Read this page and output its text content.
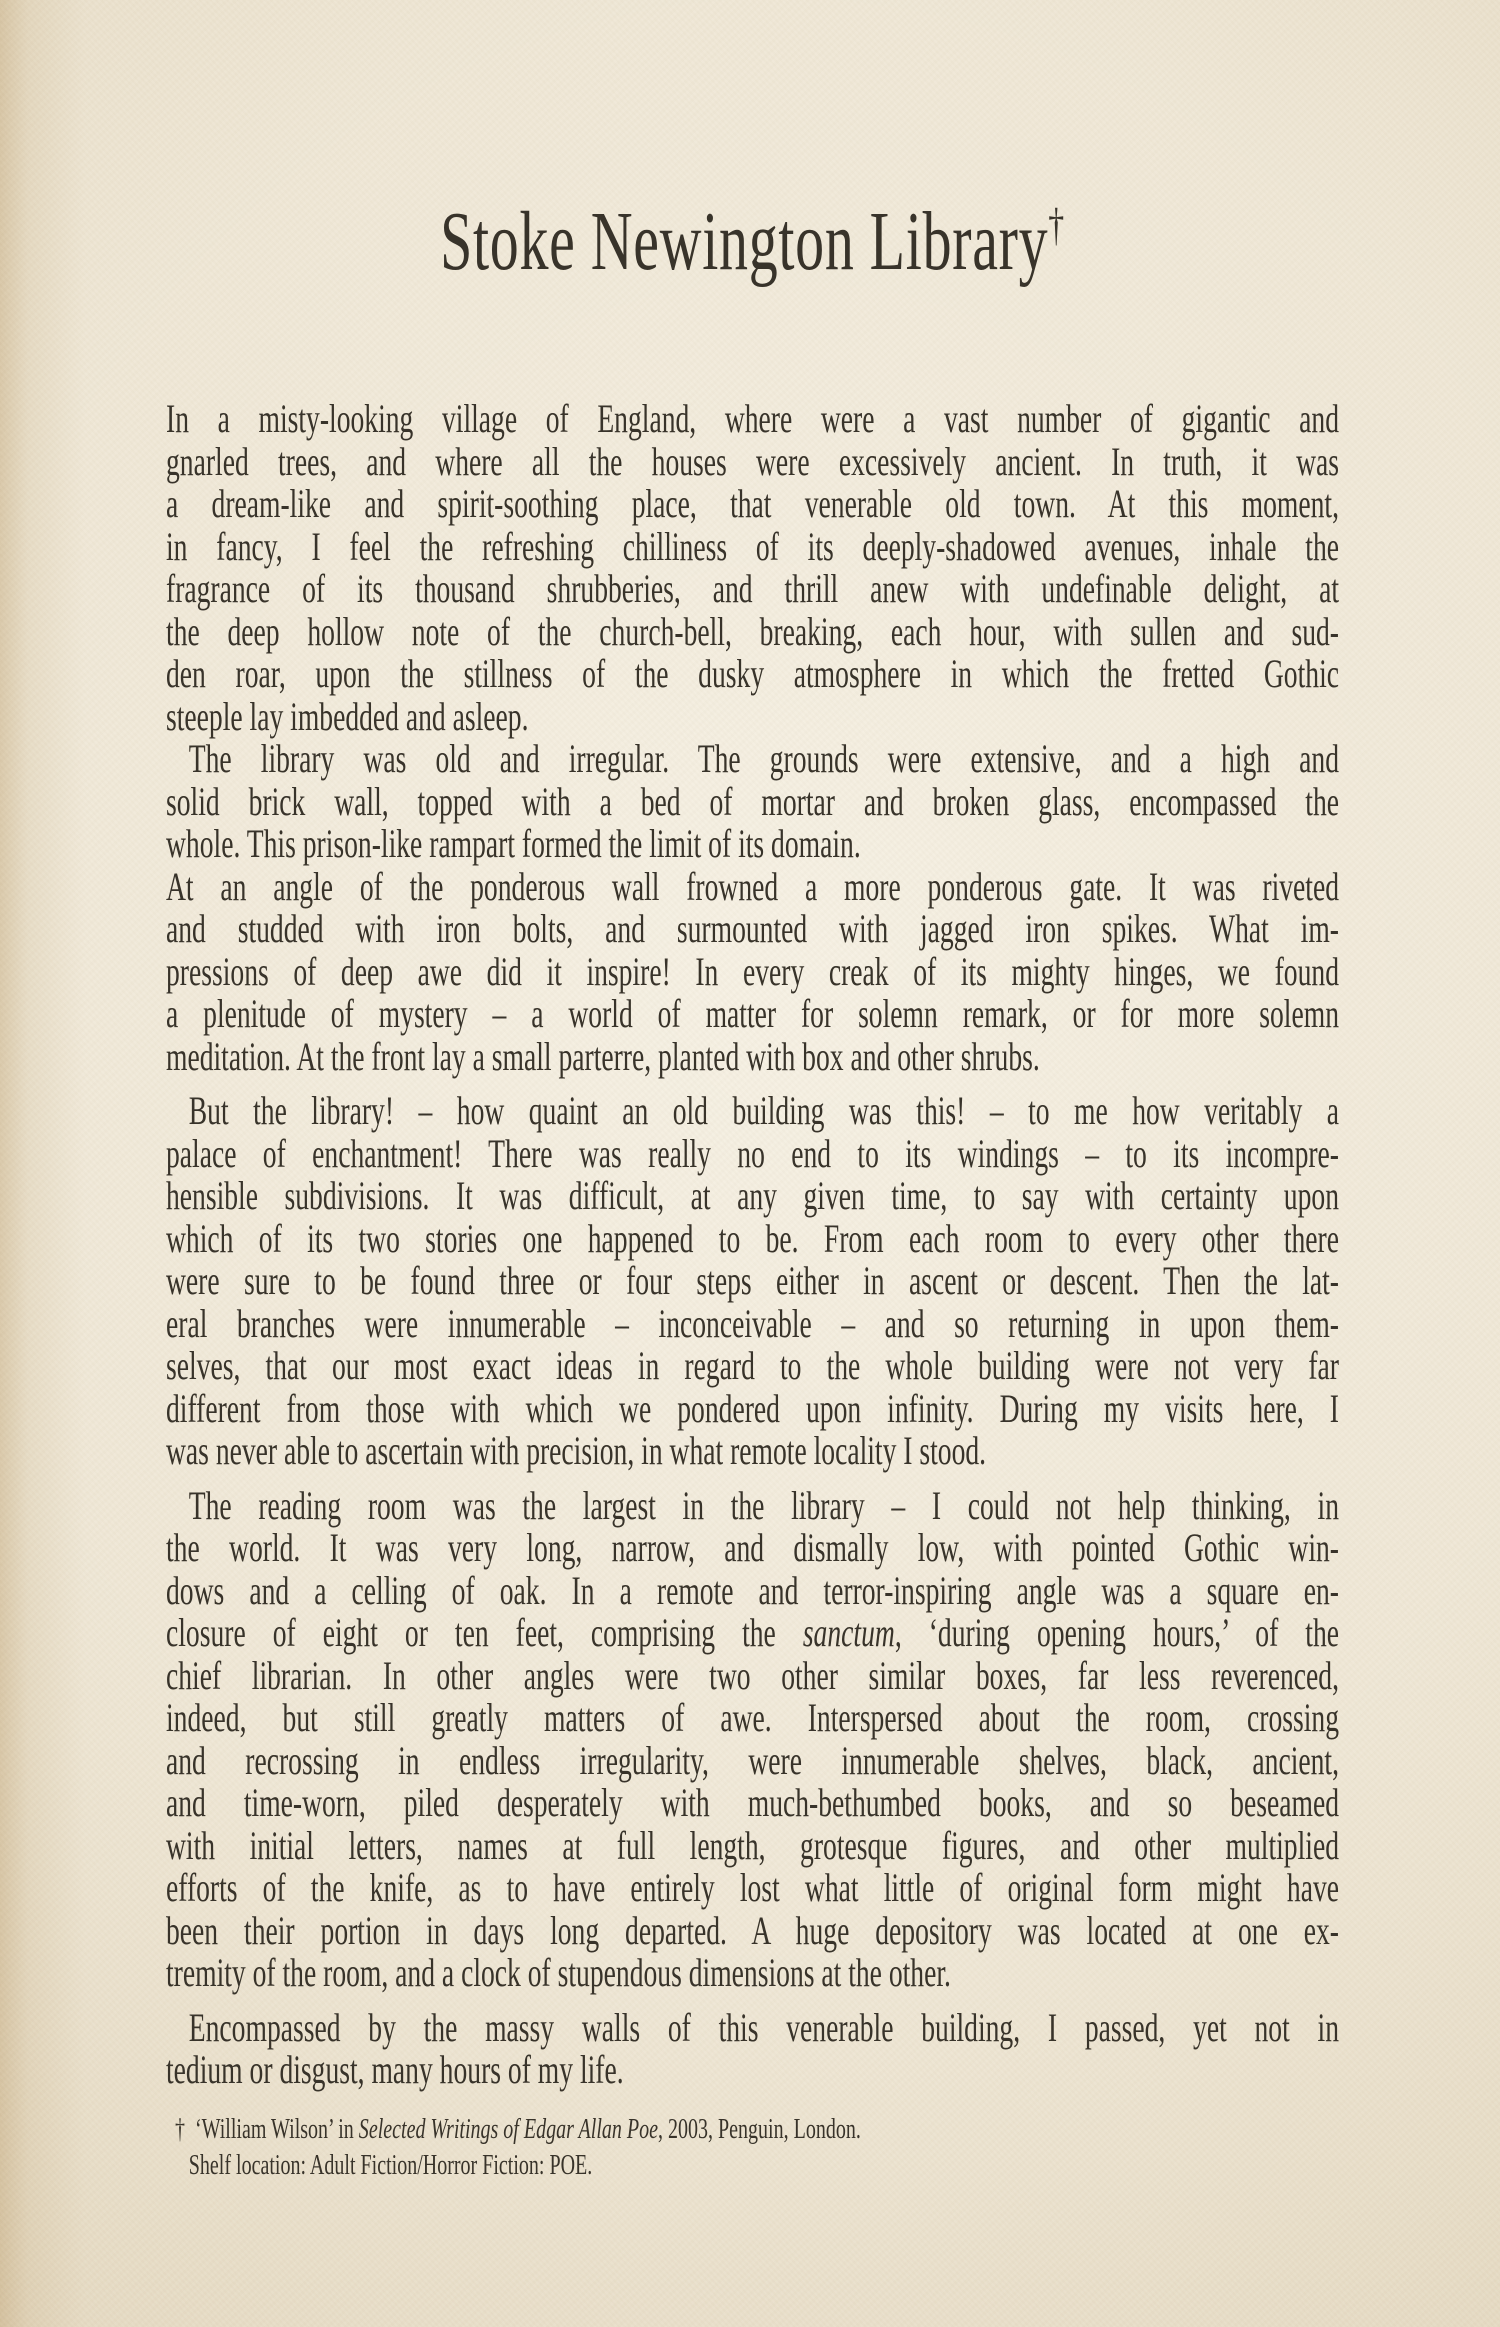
Stoke Newington Library†
In a misty-looking village of England, where were a vast number of gigantic and
gnarled trees, and where all the houses were excessively ancient. In truth, it was
a dream-like and spirit-soothing place, that venerable old town. At this moment,
in fancy, I feel the refreshing chilliness of its deeply-shadowed avenues, inhale the
fragrance of its thousand shrubberies, and thrill anew with undefinable delight, at
the deep hollow note of the church-bell, breaking, each hour, with sullen and sud-
den roar, upon the stillness of the dusky atmosphere in which the fretted Gothic
steeple lay imbedded and asleep.
The library was old and irregular. The grounds were extensive, and a high and
solid brick wall, topped with a bed of mortar and broken glass, encompassed the
whole. This prison-like rampart formed the limit of its domain.
At an angle of the ponderous wall frowned a more ponderous gate. It was riveted
and studded with iron bolts, and surmounted with jagged iron spikes. What im-
pressions of deep awe did it inspire! In every creak of its mighty hinges, we found
a plenitude of mystery – a world of matter for solemn remark, or for more solemn
meditation. At the front lay a small parterre, planted with box and other shrubs.
But the library! – how quaint an old building was this! – to me how veritably a
palace of enchantment! There was really no end to its windings – to its incompre-
hensible subdivisions. It was difficult, at any given time, to say with certainty upon
which of its two stories one happened to be. From each room to every other there
were sure to be found three or four steps either in ascent or descent. Then the lat-
eral branches were innumerable – inconceivable – and so returning in upon them-
selves, that our most exact ideas in regard to the whole building were not very far
different from those with which we pondered upon infinity. During my visits here, I
was never able to ascertain with precision, in what remote locality I stood.
The reading room was the largest in the library – I could not help thinking, in
the world. It was very long, narrow, and dismally low, with pointed Gothic win-
dows and a celling of oak. In a remote and terror-inspiring angle was a square en-
closure of eight or ten feet, comprising the sanctum, ‘during opening hours,’ of the
chief librarian. In other angles were two other similar boxes, far less reverenced,
indeed, but still greatly matters of awe. Interspersed about the room, crossing
and recrossing in endless irregularity, were innumerable shelves, black, ancient,
and time-worn, piled desperately with much-bethumbed books, and so beseamed
with initial letters, names at full length, grotesque figures, and other multiplied
efforts of the knife, as to have entirely lost what little of original form might have
been their portion in days long departed. A huge depository was located at one ex-
tremity of the room, and a clock of stupendous dimensions at the other.
Encompassed by the massy walls of this venerable building, I passed, yet not in
tedium or disgust, many hours of my life.
† ‘William Wilson’ in Selected Writings of Edgar Allan Poe, 2003, Penguin, London.
Shelf location: Adult Fiction/Horror Fiction: POE.
